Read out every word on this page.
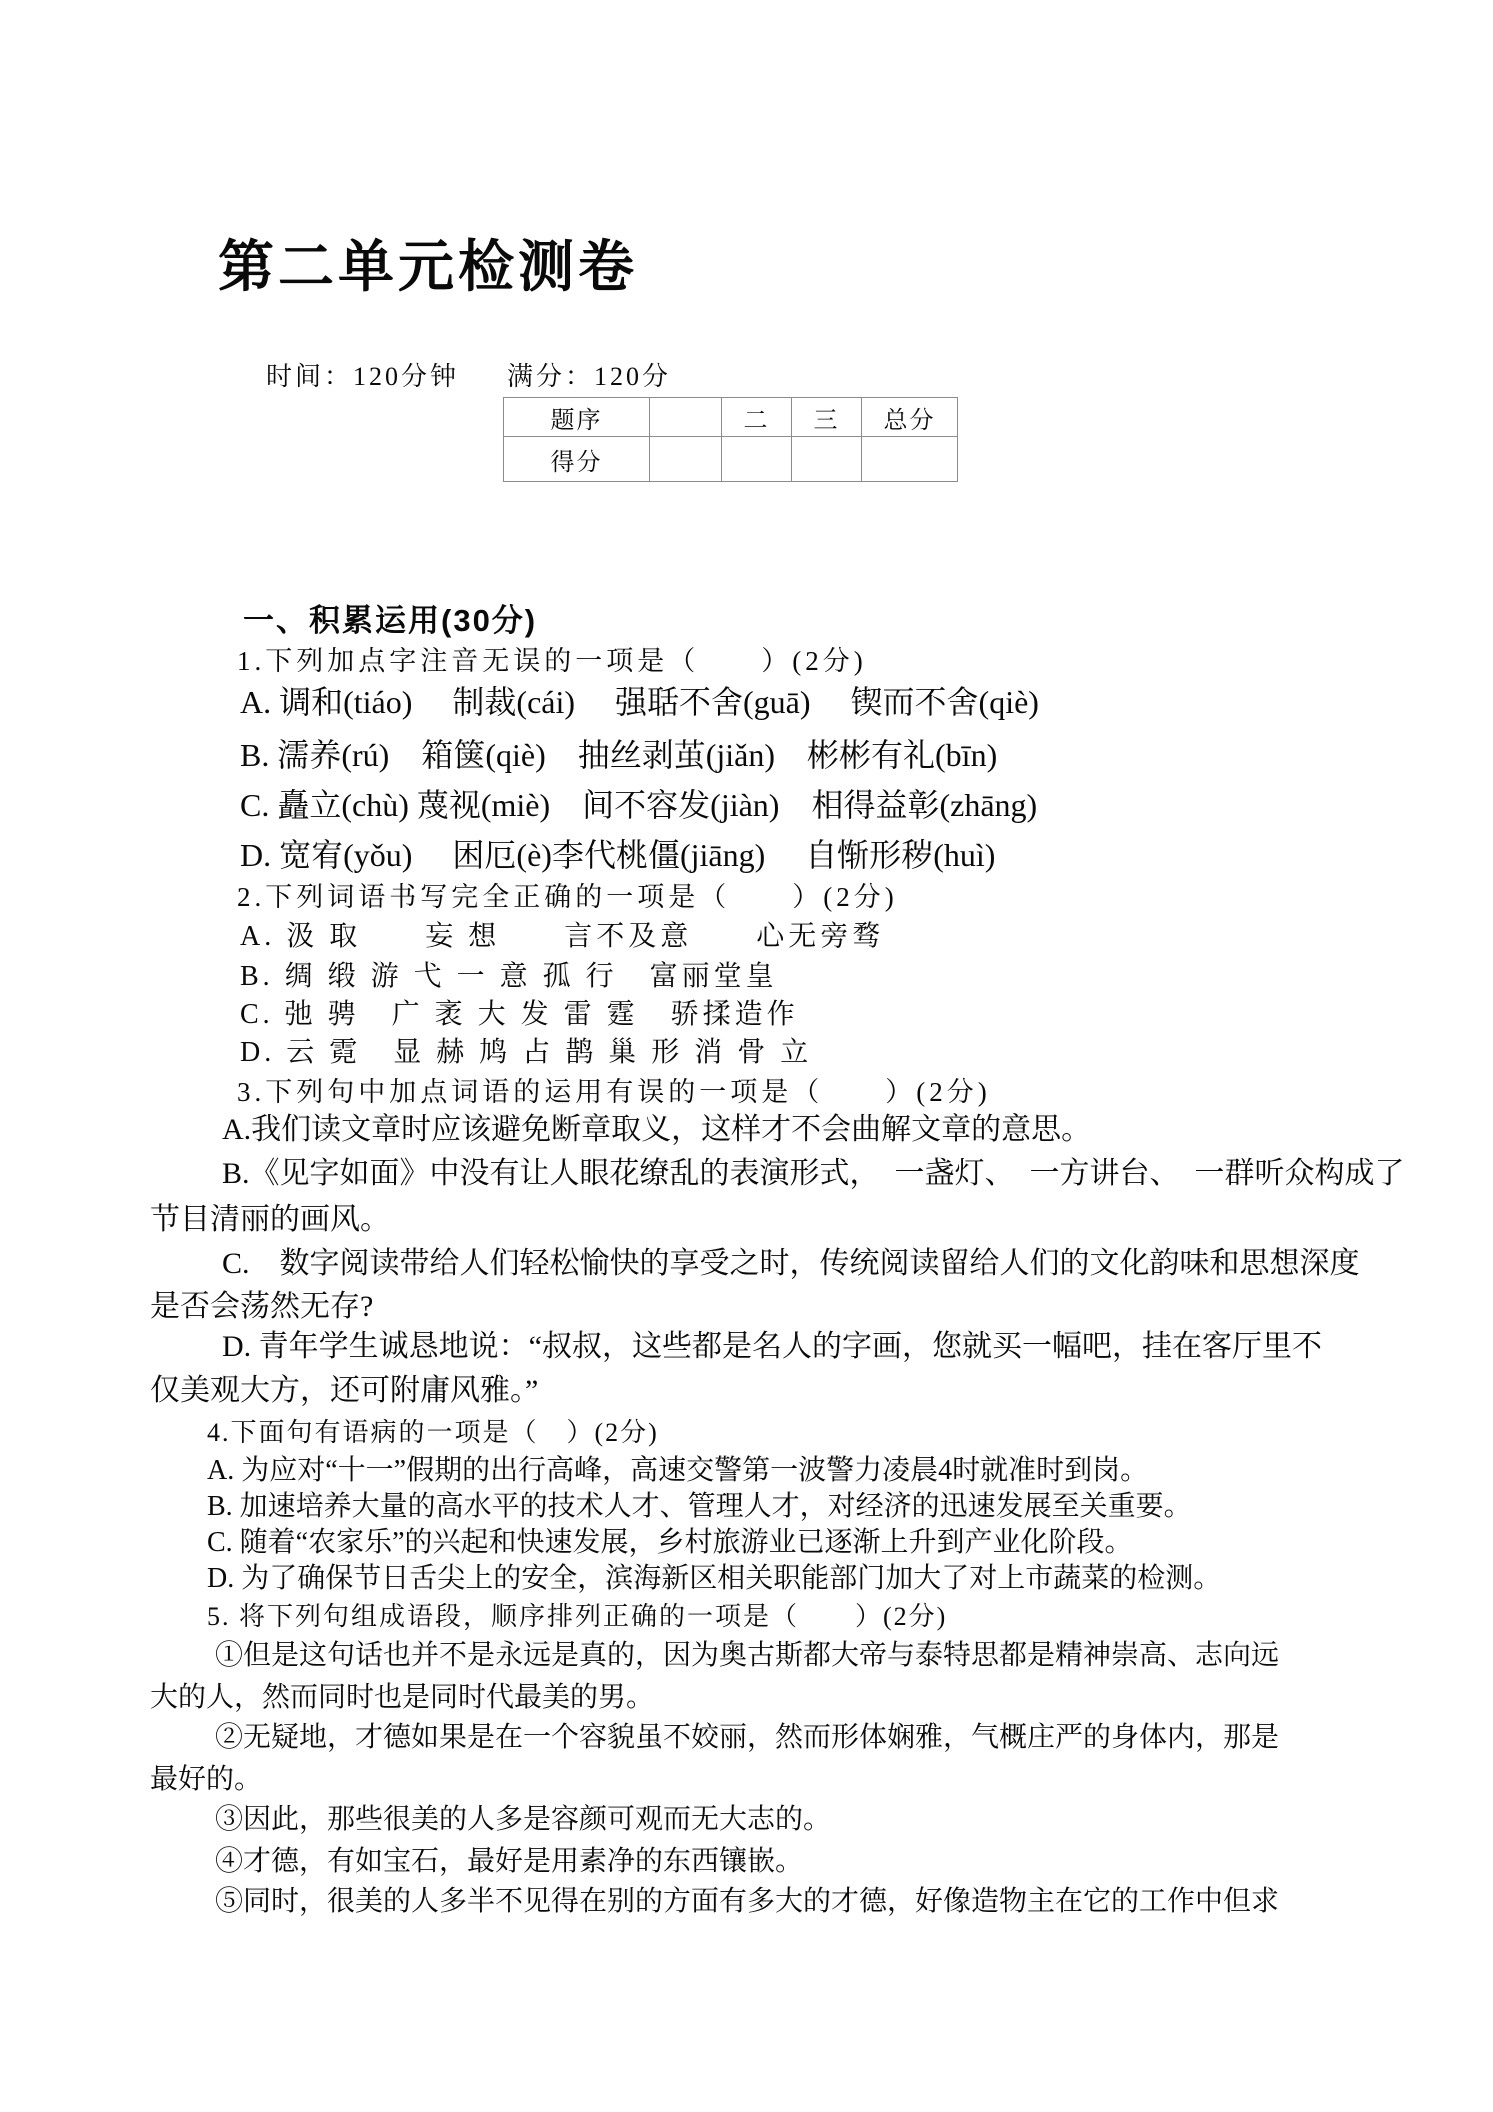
第二单元检测卷
时间：120分钟 满分：120分
题序		二	三	总分
得分				
一、积累运用(30分)
1.下列加点字注音无误的一项是（　　）(2分)
A. 调和(tiáo)　 制裁(cái)　 强聒不舍(guā)　 锲而不舍(qiè)
B. 濡养(rú)　箱箧(qiè)　抽丝剥茧(jiǎn)　彬彬有礼(bīn)
C. 矗立(chù) 蔑视(miè)　间不容发(jiàn)　相得益彰(zhāng)
D. 宽宥(yǒu)　 困厄(è)李代桃僵(jiāng)　 自惭形秽(huì)
2.下列词语书写完全正确的一项是（　　）(2分)
A. 汲 取　　妄 想　　言不及意　　心无旁骛
B. 绸 缎 游 弋 一 意 孤 行　富丽堂皇
C. 弛 骋　广 袤 大 发 雷 霆　骄揉造作
D. 云 霓　显 赫 鸠 占 鹊 巢 形 消 骨 立
3.下列句中加点词语的运用有误的一项是（　　）(2分)
A.我们读文章时应该避免断章取义，这样才不会曲解文章的意思。
B.《见字如面》中没有让人眼花缭乱的表演形式，　一盏灯、　一方讲台、　一群听众构成了
节目清丽的画风。
C.　数字阅读带给人们轻松愉快的享受之时，传统阅读留给人们的文化韵味和思想深度
是否会荡然无存?
D. 青年学生诚恳地说：“叔叔，这些都是名人的字画，您就买一幅吧，挂在客厅里不
仅美观大方，还可附庸风雅。”
4.下面句有语病的一项是（　）(2分)
A. 为应对“十一”假期的出行高峰，高速交警第一波警力凌晨4时就准时到岗。
B. 加速培养大量的高水平的技术人才、管理人才，对经济的迅速发展至关重要。
C. 随着“农家乐”的兴起和快速发展，乡村旅游业已逐渐上升到产业化阶段。
D. 为了确保节日舌尖上的安全，滨海新区相关职能部门加大了对上市蔬菜的检测。
5. 将下列句组成语段，顺序排列正确的一项是（　　）(2分)
①但是这句话也并不是永远是真的，因为奥古斯都大帝与泰特思都是精神崇高、志向远
大的人，然而同时也是同时代最美的男。
②无疑地，才德如果是在一个容貌虽不姣丽，然而形体娴雅，气概庄严的身体内，那是
最好的。
③因此，那些很美的人多是容颜可观而无大志的。
④才德，有如宝石，最好是用素净的东西镶嵌。
⑤同时，很美的人多半不见得在别的方面有多大的才德，好像造物主在它的工作中但求
